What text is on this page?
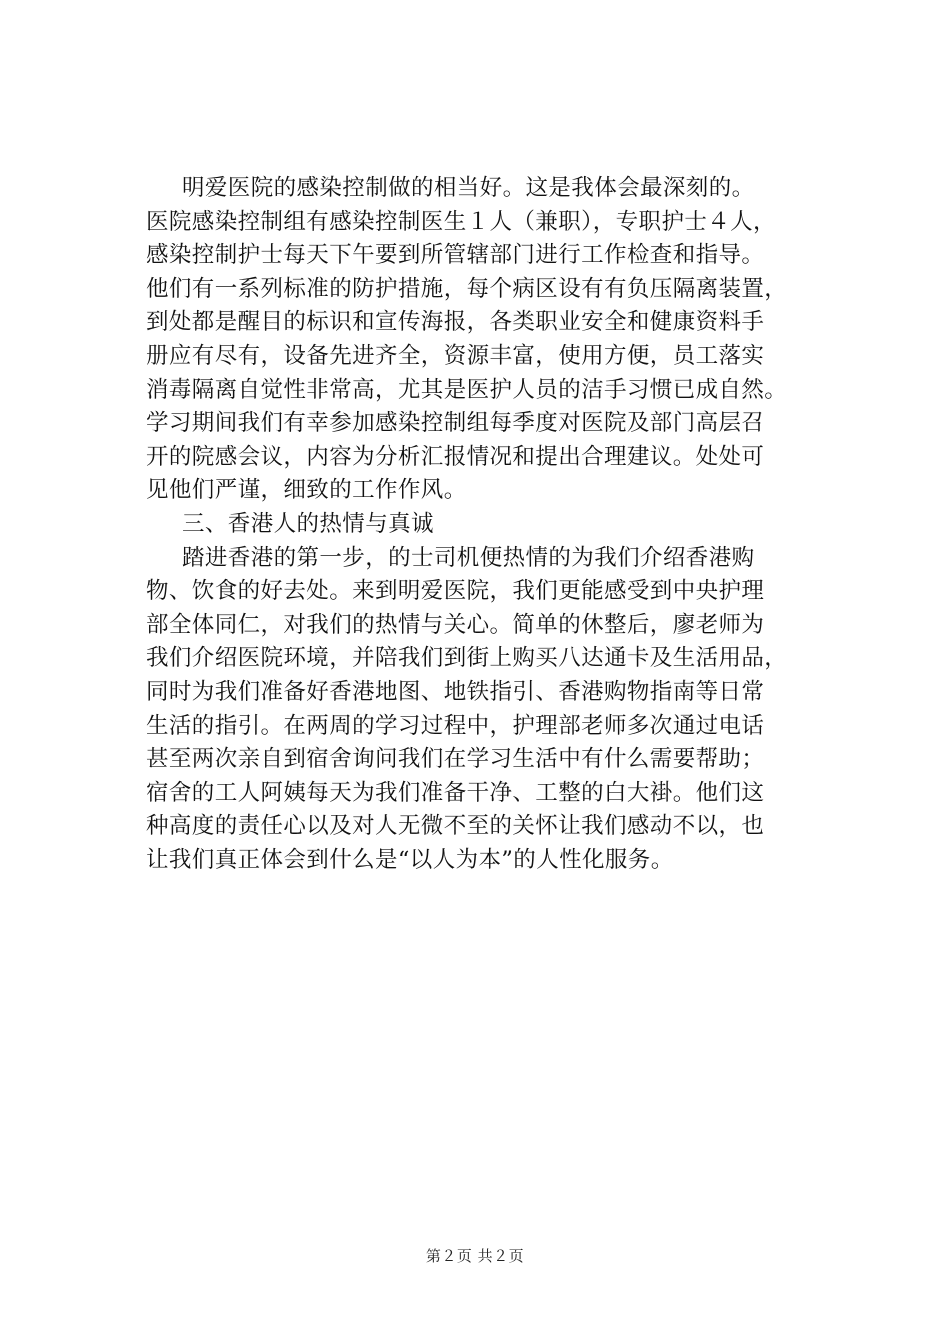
明爱医院的感染控制做的相当好。这是我体会最深刻的。
医院感染控制组有感染控制医生１人（兼职），专职护士４人，
感染控制护士每天下午要到所管辖部门进行工作检查和指导。
他们有一系列标准的防护措施，每个病区设有有负压隔离装置，
到处都是醒目的标识和宣传海报，各类职业安全和健康资料手
册应有尽有，设备先进齐全，资源丰富，使用方便，员工落实
消毒隔离自觉性非常高，尤其是医护人员的洁手习惯已成自然。
学习期间我们有幸参加感染控制组每季度对医院及部门高层召
开的院感会议，内容为分析汇报情况和提出合理建议。处处可
见他们严谨，细致的工作作风。
三、香港人的热情与真诚
踏进香港的第一步，的士司机便热情的为我们介绍香港购
物、饮食的好去处。来到明爱医院，我们更能感受到中央护理
部全体同仁，对我们的热情与关心。简单的休整后，廖老师为
我们介绍医院环境，并陪我们到街上购买八达通卡及生活用品，
同时为我们准备好香港地图、地铁指引、香港购物指南等日常
生活的指引。在两周的学习过程中，护理部老师多次通过电话
甚至两次亲自到宿舍询问我们在学习生活中有什么需要帮助；
宿舍的工人阿姨每天为我们准备干净、工整的白大褂。他们这
种高度的责任心以及对人无微不至的关怀让我们感动不以，也
让我们真正体会到什么是“以人为本”的人性化服务。
第２页 共２页
